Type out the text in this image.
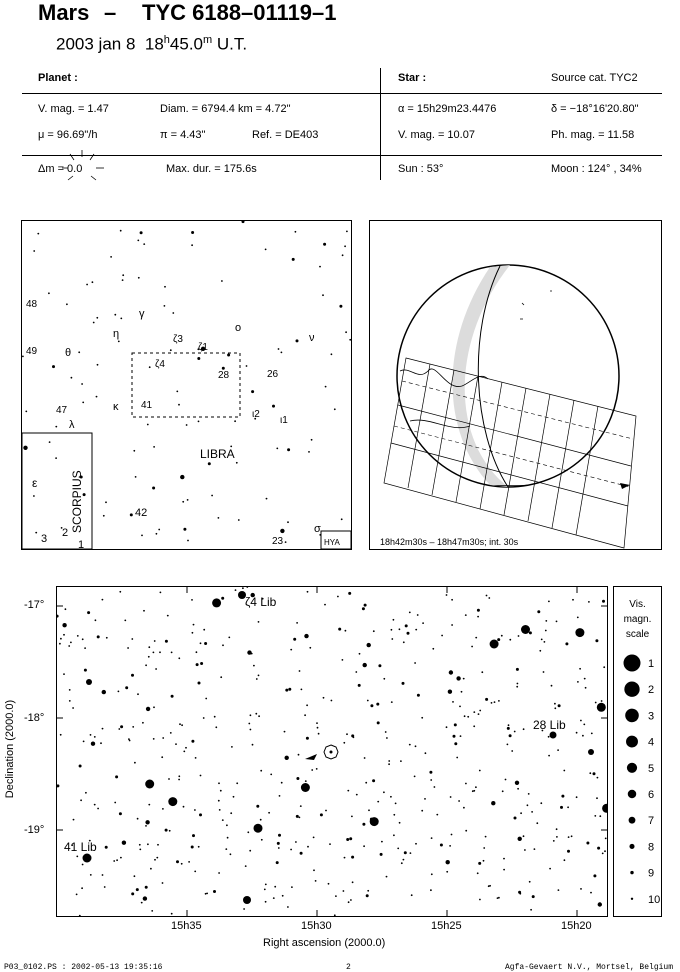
Mars – TYC 6188–01119–1
2003 jan 8 18$^h$45.0$^m$ U.T.
Planet :
V. mag. = 1.47	Diam. = 6794.4 km = 4.72"
μ = 96.69"/h	π = 4.43"	Ref. = DE403
Δm = 0.0	Max. dur. = 175.6s
Star :	Source cat. TYC2
α = 15h29m23.4476	δ = −18°16'20.80"
V. mag. = 10.07	Ph. mag. = 11.58
Sun : 53°	Moon : 124° , 34%
48
49
47
γ
η
θ
λ
ζ3
ζ4
ζ1
ο
ν
28	26
κ 41
ι2
ι1
ε
42
3 2
1	23
σ
LIBRA
SCORPIUS
HYA	18h42m30s – 18h47m30s; int. 30s
ζ4 Lib
28 Lib
41 Lib
-17°
-18°
-19°
15h35	15h30	15h25	15h20
Right ascension (2000.0)
Declination (2000.0)
Vis.
magn.
scale
1
2
3
4
5
6
7
8
9
10
P03_0102.PS : 2002-05-13 19:35:16	2	Agfa-Gevaert N.V., Mortsel, Belgium
